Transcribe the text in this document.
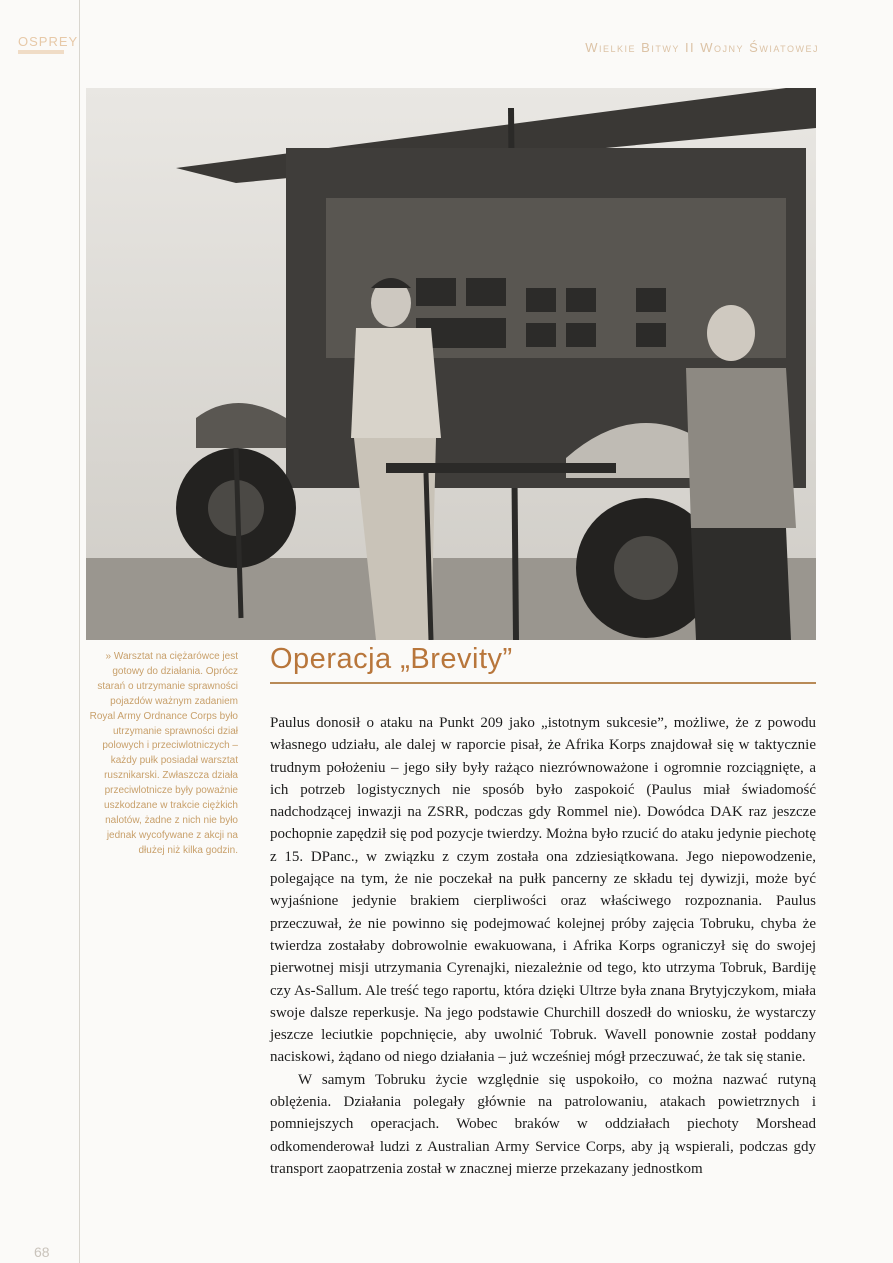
OSPREY	Wielkie Bitwy II Wojny Światowej
» Warsztat na ciężarówce jest gotowy do działania. Oprócz starań o utrzymanie sprawności pojazdów ważnym zadaniem Royal Army Ordnance Corps było utrzymanie sprawności dział polowych i przeciwlotniczych – każdy pułk posiadał warsztat rusznikarski. Zwłaszcza działa przeciwlotnicze były poważnie uszkodzane w trakcie ciężkich nalotów, żadne z nich nie było jednak wycofywane z akcji na dłużej niż kilka godzin.
Operacja „Brevity”

Paulus donosił o ataku na Punkt 209 jako „istotnym sukcesie”, możliwe, że z powodu własnego udziału, ale dalej w raporcie pisał, że Afrika Korps znajdował się w taktycznie trudnym położeniu – jego siły były rażąco niezrównoważone i ogromnie rozciągnięte, a ich potrzeb logistycznych nie sposób było zaspokoić (Paulus miał świadomość nadchodzącej inwazji na ZSRR, podczas gdy Rommel nie). Dowódca DAK raz jeszcze pochopnie zapędził się pod pozycje twierdzy. Można było rzucić do ataku jedynie piechotę z 15. DPanc., w związku z czym została ona zdziesiątkowana. Jego niepowodzenie, polegające na tym, że nie poczekał na pułk pancerny ze składu tej dywizji, może być wyjaśnione jedynie brakiem cierpliwości oraz właściwego rozpoznania. Paulus przeczuwał, że nie powinno się podejmować kolejnej próby zajęcia Tobruku, chyba że twierdza zostałaby dobrowolnie ewakuowana, i Afrika Korps ograniczył się do swojej pierwotnej misji utrzymania Cyrenajki, niezależnie od tego, kto utrzyma Tobruk, Bardiję czy As-Sallum. Ale treść tego raportu, która dzięki Ultrze była znana Brytyjczykom, miała swoje dalsze reperkusje. Na jego podstawie Churchill doszedł do wniosku, że wystarczy jeszcze leciutkie popchnięcie, aby uwolnić Tobruk. Wavell ponownie został poddany naciskowi, żądano od niego działania – już wcześniej mógł przeczuwać, że tak się stanie.

W samym Tobruku życie względnie się uspokoiło, co można nazwać rutyną oblężenia. Działania polegały głównie na patrolowaniu, atakach powietrznych i pomniejszych operacjach. Wobec braków w oddziałach piechoty Morshead odkomenderował ludzi z Australian Army Service Corps, aby ją wspierali, podczas gdy transport zaopatrzenia został w znacznej mierze przekazany jednostkom

68
